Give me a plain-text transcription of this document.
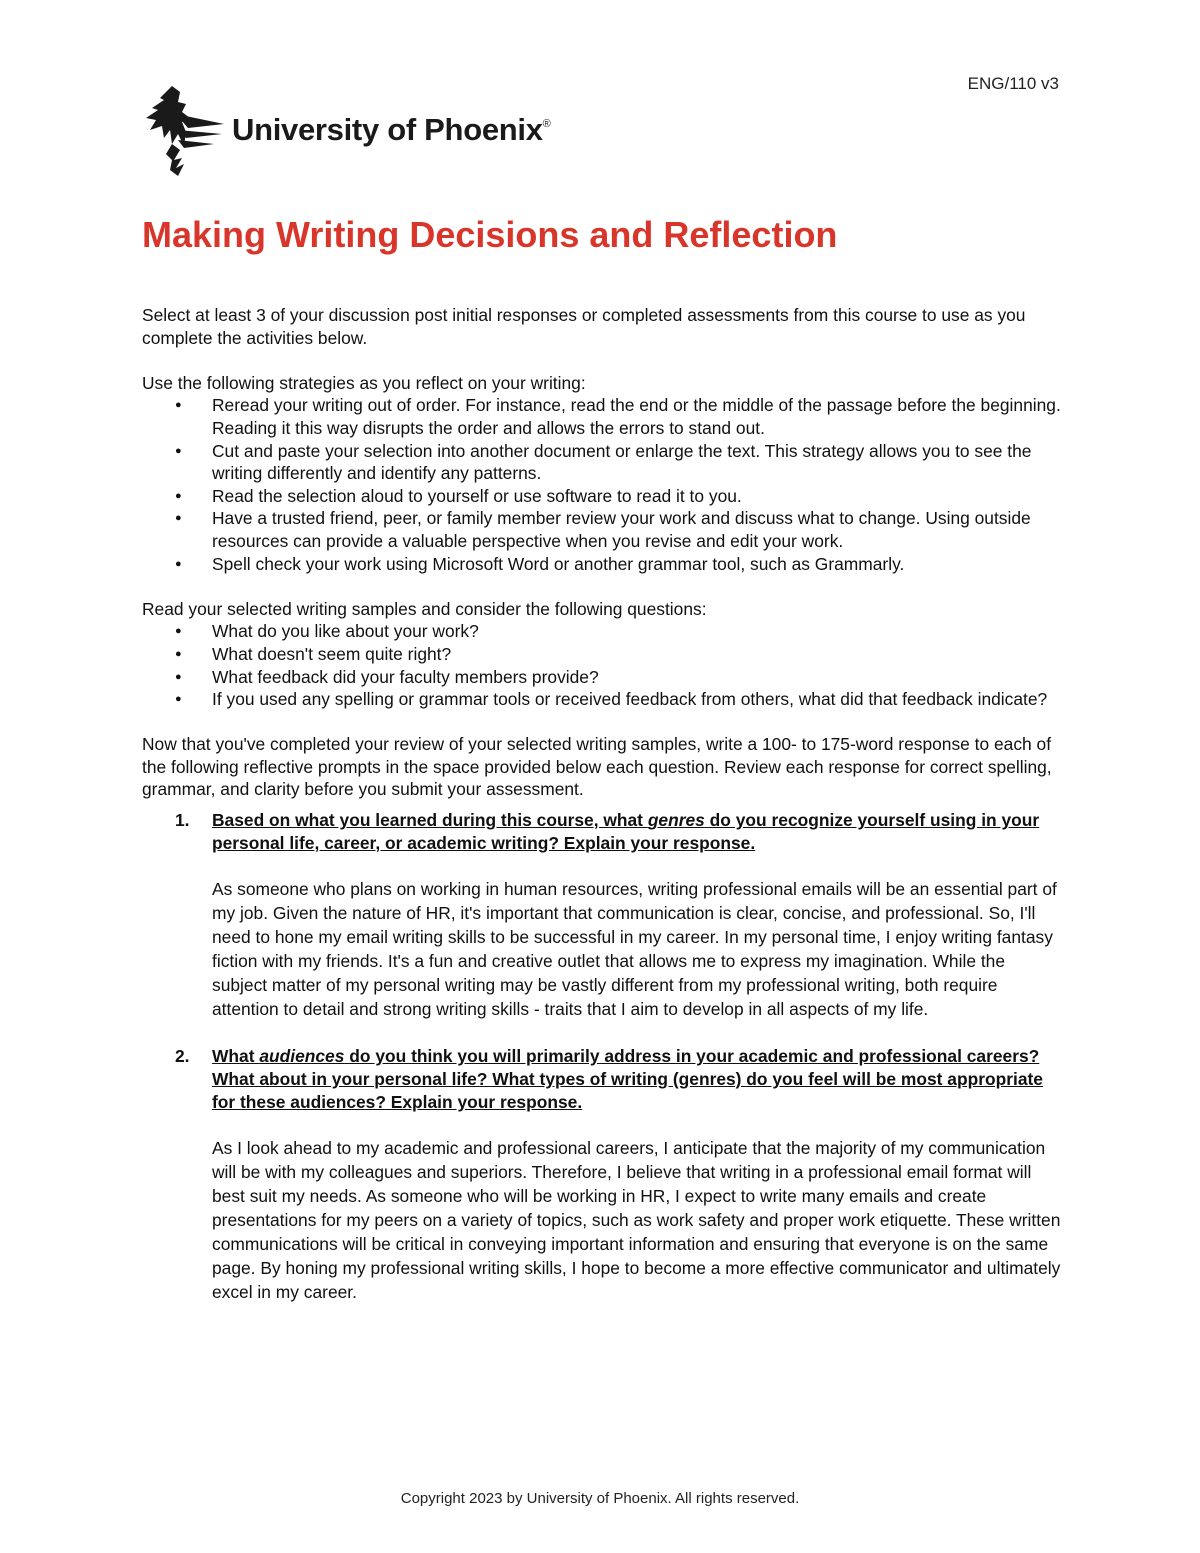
ENG/110 v3
University of Phoenix®
Making Writing Decisions and Reflection

Select at least 3 of your discussion post initial responses or completed assessments from this course to use as you complete the activities below.

Use the following strategies as you reflect on your writing:

● Reread your writing out of order. For instance, read the end or the middle of the passage before the beginning. Reading it this way disrupts the order and allows the errors to stand out.
● Cut and paste your selection into another document or enlarge the text. This strategy allows you to see the writing differently and identify any patterns.
● Read the selection aloud to yourself or use software to read it to you.
● Have a trusted friend, peer, or family member review your work and discuss what to change. Using outside resources can provide a valuable perspective when you revise and edit your work.
● Spell check your work using Microsoft Word or another grammar tool, such as Grammarly.

Read your selected writing samples and consider the following questions:

● What do you like about your work?
● What doesn't seem quite right?
● What feedback did your faculty members provide?
● If you used any spelling or grammar tools or received feedback from others, what did that feedback indicate?

Now that you've completed your review of your selected writing samples, write a 100- to 175-word response to each of the following reflective prompts in the space provided below each question. Review each response for correct spelling, grammar, and clarity before you submit your assessment.

1. Based on what you learned during this course, what genres do you recognize yourself using in your personal life, career, or academic writing? Explain your response.
As someone who plans on working in human resources, writing professional emails will be an essential part of my job. Given the nature of HR, it's important that communication is clear, concise, and professional. So, I'll need to hone my email writing skills to be successful in my career. In my personal time, I enjoy writing fantasy fiction with my friends. It's a fun and creative outlet that allows me to express my imagination. While the subject matter of my personal writing may be vastly different from my professional writing, both require attention to detail and strong writing skills - traits that I aim to develop in all aspects of my life.
2. What audiences do you think you will primarily address in your academic and professional careers? What about in your personal life? What types of writing (genres) do you feel will be most appropriate for these audiences? Explain your response.
As I look ahead to my academic and professional careers, I anticipate that the majority of my communication will be with my colleagues and superiors. Therefore, I believe that writing in a professional email format will best suit my needs. As someone who will be working in HR, I expect to write many emails and create presentations for my peers on a variety of topics, such as work safety and proper work etiquette. These written communications will be critical in conveying important information and ensuring that everyone is on the same page. By honing my professional writing skills, I hope to become a more effective communicator and ultimately excel in my career.
Copyright 2023 by University of Phoenix. All rights reserved.
